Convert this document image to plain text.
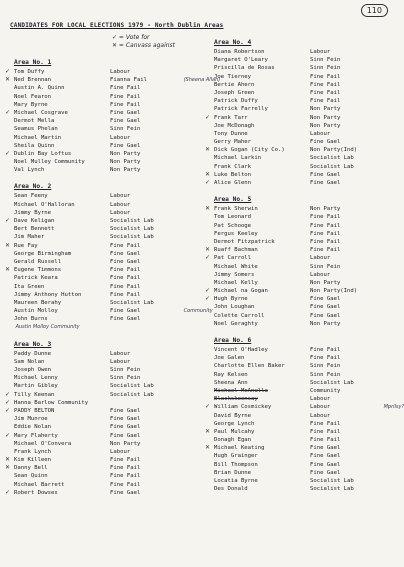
110
CANDIDATES FOR LOCAL ELECTIONS 1979 - North Dublin Areas
✓ = Vote for
✕ = Canvass against
Area No. 1
✓ Tom Duffy	Labour
✕ Ned Brennan	Fianna Fail	(Sheena Allan)
Austin A. Quinn	Fine Fail
Noel Fearon	Fine Fail
Mary Byrne	Fine Fail
✓ Michael Cosgrave	Fine Gael
Dermot Mella	Fine Gael
Seamus Phelan	Sinn Fein
Michael Martin	Labour
Sheila Quinn	Fine Gael
✓ Dublin Bay Loftus	Non Party
Noel Mulley Community	Non Party
Val Lynch	Non Party
Area No. 2
Sean Feeny	Labour
Michael O'Halloran	Labour
Jimmy Byrne	Labour
✓ Dave Keligan	Socialist Lab
Bert Bennett	Socialist Lab
Jim Maher	Socialist Lab
✕ Rue Fay	Fine Fail
George Birmingham	Fine Gael
Gerald Russell	Fine Gael
✕ Eugene Timmons	Fine Fail
Patrick Keara	Fine Fail
Ita Green	Fine Fail
Jimmy Anthony Hutton	Fine Fail
Maureen Berahy	Socialist Lab
Austin Molloy	Fine Gael	Community
John Burns	Fine Gael
Austin Molloy Community
Area No. 3
Paddy Dunne	Labour
Sam Nolan	Labour
Joseph Owen	Sinn Fein
Michael Lenny	Sinn Fein
Martin Gibley	Socialist Lab
✓ Tilly Keenan	Socialist Lab
✓ Hanna Barlow Community
✓ PADDY BELTON	Fine Gael
Jim Munroe	Fine Gael
Eddie Nolan	Fine Gael
✓ Mary Flaherty	Fine Gael
Michael O'Convera	Non Party
Frank Lynch	Labour
✕ Kim Killeen	Fine Fail
✕ Danny Bell	Fine Fail
Sean Quinn	Fine Fail
Michael Barrett	Fine Fail
✓ Robert Dowses	Fine Gael
Area No. 4
Diana Robertson	Labour
Margaret O'Leary	Sinn Fein
Priscilla de Rosas	Sinn Fein
Joe Tierney	Fine Fail
Bertie Ahern	Fine Fail
Joseph Green	Fine Fail
Patrick Duffy	Fine Fail
Patrick Farrelly	Non Party
✓ Frank Tarr	Non Party
Joe McDonagh	Non Party
Tony Dunne	Labour
Gerry Maher	Fine Gael
✕ Dick Gogan (City Co.)	Non Party(Ind)
Michael Larkin	Socialist Lab
Frank Clark	Socialist Lab
✕ Luke Belton	Fine Gael
✓ Alice Glenn	Fine Gael
Area No. 5
✕ Frank Sherwin	Non Party
Tom Leonard	Fine Fail
Pat Schooge	Fine Fail
Fergus Keeley	Fine Fail
Dermot Fitzpatrick	Fine Fail
✕ Ruaff Bachman	Fine Fail
✓ Pat Carroll	Labour
Michael White	Sinn Fein
Jimmy Somers	Labour
Michael Kelly	Non Party
✓ Michael na Gogan	Non Party(Ind)
✓ Hugh Byrne	Fine Gael
John Loughan	Fine Gael
Colette Carroll	Fine Gael
Noel Geraghty	Non Party
Area No. 6
Vincent O'Hadley	Fine Fail
Joe Galen	Fine Fail
Charlotte Ellen Baker	Sinn Fein
Ray Kelsen	Sinn Fein
Sheena Ann	Socialist Lab
Michael McAnulla	Community
Blackskeensay	Labour
✓ William Cosmickey	Labour	Mprilsy?
David Byrne	Labour
George Lynch	Fine Fail
✕ Paul Mulcahy	Fine Fail
Donagh Egan	Fine Fail
✕ Michael Keating	Fine Gael
Hugh Grainger	Fine Gael
Bill Thompson	Fine Gael
Brian Dunne	Fine Gael
Locatia Byrne	Socialist Lab
Des Donald	Socialist Lab
